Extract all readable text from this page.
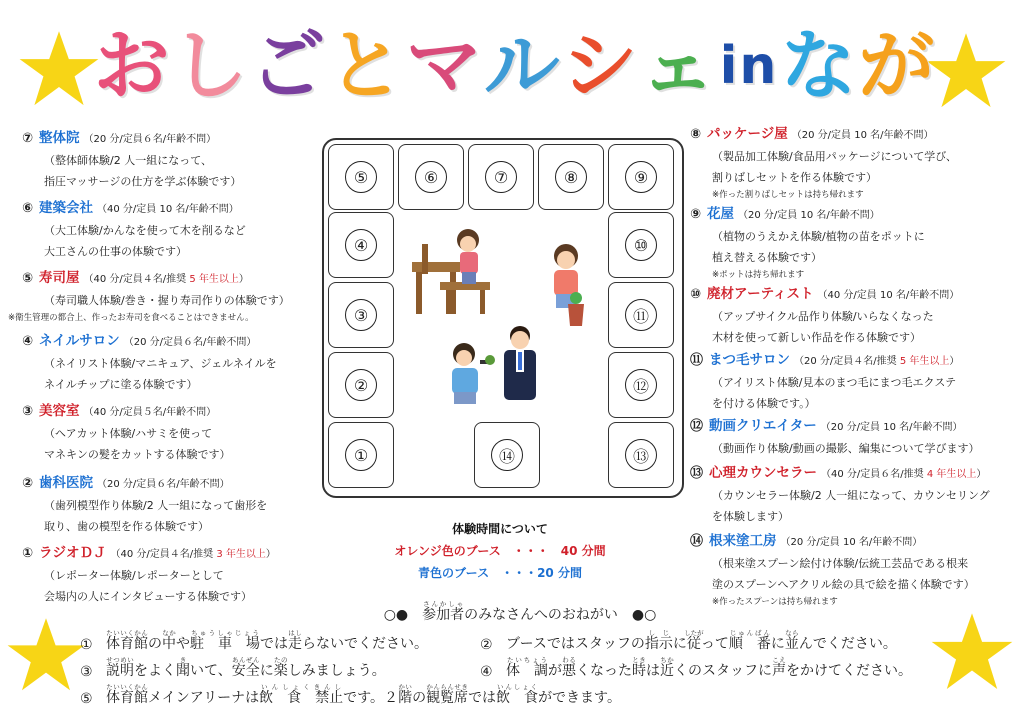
お し ご と マ ル シ ェ in な が
⑦ 整体院 （20 分/定員６名/年齢不問）
（整体師体験/2 人一組になって、
指圧マッサージの仕方を学ぶ体験です）
⑥ 建築会社 （40 分/定員 10 名/年齢不問）
（大工体験/かんなを使って木を削るなど
大工さんの仕事の体験です）
⑤ 寿司屋 （40 分/定員４名/推奨 5 年生以上）
（寿司職人体験/巻き・握り寿司作りの体験です）
※衛生管理の都合上、作ったお寿司を食べることはできません。
④ ネイルサロン （20 分/定員６名/年齢不問）
（ネイリスト体験/マニキュア、ジェルネイルを
ネイルチップに塗る体験です）
③ 美容室 （40 分/定員５名/年齢不問）
（ヘアカット体験/ハサミを使って
マネキンの髪をカットする体験です）
② 歯科医院 （20 分/定員６名/年齢不問）
（歯列模型作り体験/2 人一組になって歯形を
取り、歯の模型を作る体験です）
① ラジオＤＪ （40 分/定員４名/推奨 3 年生以上）
（レポーター体験/レポーターとして
会場内の人にインタビューする体験です）
⑧ パッケージ屋 （20 分/定員 10 名/年齢不問）
（製品加工体験/食品用パッケージについて学び、
割りばしセットを作る体験です）
※作った割りばしセットは持ち帰れます
⑨ 花屋 （20 分/定員 10 名/年齢不問）
（植物のうえかえ体験/植物の苗をポットに
植え替える体験です）
※ポットは持ち帰れます
⑩ 廃材アーティスト （40 分/定員 10 名/年齢不問）
（アップサイクル品作り体験/いらなくなった
木材を使って新しい作品を作る体験です）
⑪ まつ毛サロン （20 分/定員４名/推奨 5 年生以上）
（アイリスト体験/見本のまつ毛にまつ毛エクステ
を付ける体験です。）
⑫ 動画クリエイター （20 分/定員 10 名/年齢不問）
（動画作り体験/動画の撮影、編集について学びます）
⑬ 心理カウンセラー （40 分/定員６名/推奨 4 年生以上）
（カウンセラー体験/2 人一組になって、カウンセリング
を体験します）
⑭ 根来塗工房 （20 分/定員 10 名/年齢不問）
（根来塗スプーン絵付け体験/伝統工芸品である根来
塗のスプーンへアクリル絵の具で絵を描く体験です）
※作ったスプーンは持ち帰れます
⑤	⑥	⑦	⑧	⑨
④	⑩
③	⑪
②	⑫
①	⑭	⑬
体験時間について
オレンジ色のブース　・・・　40 分間
青色のブース　・・・20 分間
○●　参加者さんかしゃのみなさんへのおねがい　●○
① 体育館たいいくかんの中なかや駐　車　場ちゅうしゃじょうでは走はしらないでください。	② ブースではスタッフの指示しじに従したがって順　番じゅんばんに並ならんでください。
③ 説明せつめいをよく聞きいて、安全あんぜんに楽たのしみましょう。	④ 体　調たいちょうが悪わるくなった時ときは近ちかくのスタッフに声こえをかけてください。
⑤ 体育館たいいくかんメインアリーナは飲　食　禁止いんしょくきんしです。２階かいの観覧席かんらんせきでは飲　食いんしょくができます。
